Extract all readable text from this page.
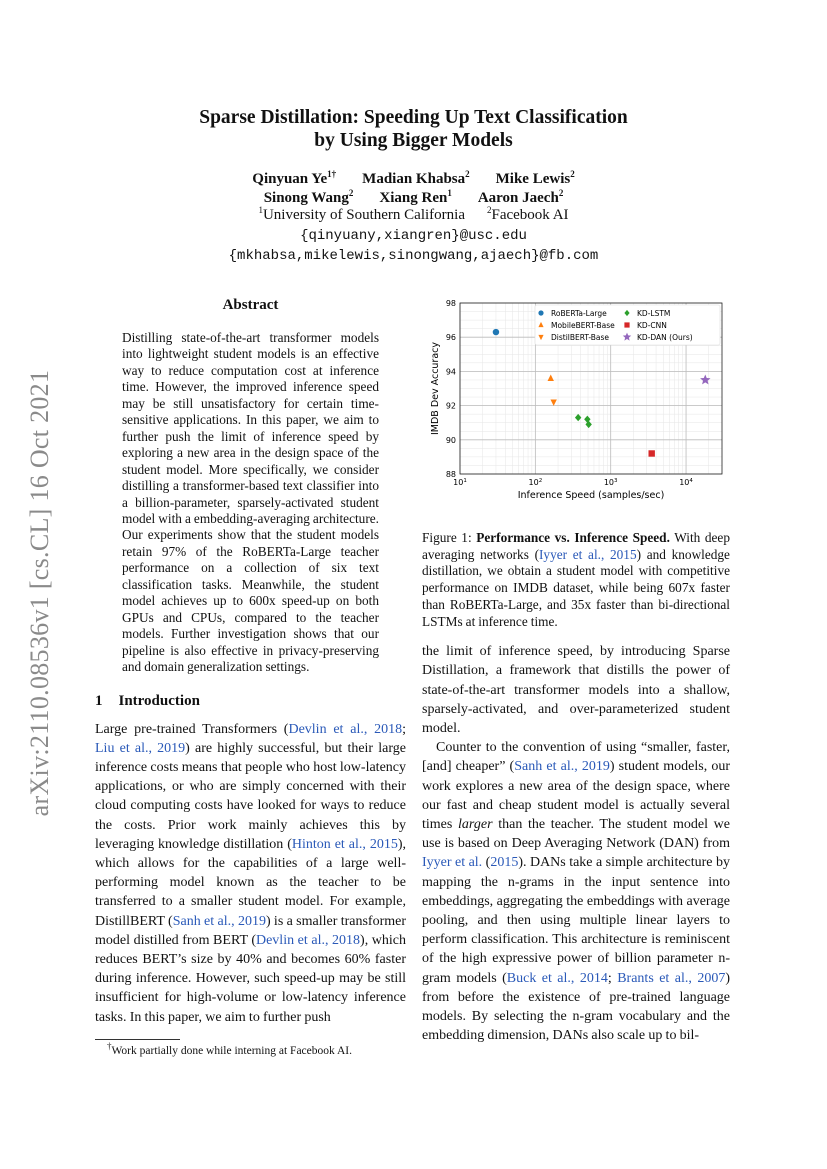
arXiv:2110.08536v1 [cs.CL] 16 Oct 2021
Sparse Distillation: Speeding Up Text Classification
by Using Bigger Models
Qinyuan $Ye^{1\dagger}$ Madian Khabsa$^2$ Mike Lewis$^2$
Sinong Wang$^2$ Xiang Ren$^1$ Aaron Jaech$^2$
$^1$University of Southern California $^2$Facebook AI
{qinyuany,xiangren}@usc.edu
{mkhabsa,mikelewis,sinongwang,ajaech}@fb.com
Abstract
Distilling state-of-the-art transformer models into lightweight student models is an effective way to reduce computation cost at inference time. However, the improved inference speed may be still unsatisfactory for certain time-sensitive applications. In this paper, we aim to further push the limit of inference speed by exploring a new area in the design space of the student model. More specifically, we consider distilling a transformer-based text classifier into a billion-parameter, sparsely-activated student model with a embedding-averaging architecture. Our experiments show that the student models retain 97% of the RoBERTa-Large teacher performance on a collection of six text classification tasks. Meanwhile, the student model achieves up to 600x speed-up on both GPUs and CPUs, compared to the teacher models. Further investigation shows that our pipeline is also effective in privacy-preserving and domain generalization settings.
1 Introduction

Large pre-trained Transformers (Devlin et al., 2018; Liu et al., 2019) are highly successful, but their large inference costs means that people who host low-latency applications, or who are simply concerned with their cloud computing costs have looked for ways to reduce the costs. Prior work mainly achieves this by leveraging knowledge distillation (Hinton et al., 2015), which allows for the capabilities of a large well-performing model known as the teacher to be transferred to a smaller student model. For example, DistillBERT (Sanh et al., 2019) is a smaller transformer model distilled from BERT (Devlin et al., 2018), which reduces BERT’s size by 40% and becomes 60% faster during inference. However, such speed-up may be still insufficient for high-volume or low-latency inference tasks. In this paper, we aim to further push

†Work partially done while interning at Facebook AI.
$10^1$	$10^2$	$10^3$	$10^4$
88
90
92
94
96
98
Inference Speed (samples/sec)
IMDB Dev Accuracy
RoBERTa-Large
MobileBERT-Base
DistilBERT-Base
KD-LSTM
KD-CNN
KD-DAN (Ours)
Figure 1: Performance vs. Inference Speed. With deep averaging networks (Iyyer et al., 2015) and knowledge distillation, we obtain a student model with competitive performance on IMDB dataset, while being 607x faster than RoBERTa-Large, and 35x faster than bi-directional LSTMs at inference time.

the limit of inference speed, by introducing Sparse Distillation, a framework that distills the power of state-of-the-art transformer models into a shallow, sparsely-activated, and over-parameterized student model.

Counter to the convention of using “smaller, faster, [and] cheaper” (Sanh et al., 2019) student models, our work explores a new area of the design space, where our fast and cheap student model is actually several times larger than the teacher. The student model we use is based on Deep Averaging Network (DAN) from Iyyer et al. (2015). DANs take a simple architecture by mapping the n-grams in the input sentence into embeddings, aggregating the embeddings with average pooling, and then using multiple linear layers to perform classification. This architecture is reminiscent of the high expressive power of billion parameter n-gram models (Buck et al., 2014; Brants et al., 2007) from before the existence of pre-trained language models. By selecting the n-gram vocabulary and the embedding dimension, DANs also scale up to bil-
